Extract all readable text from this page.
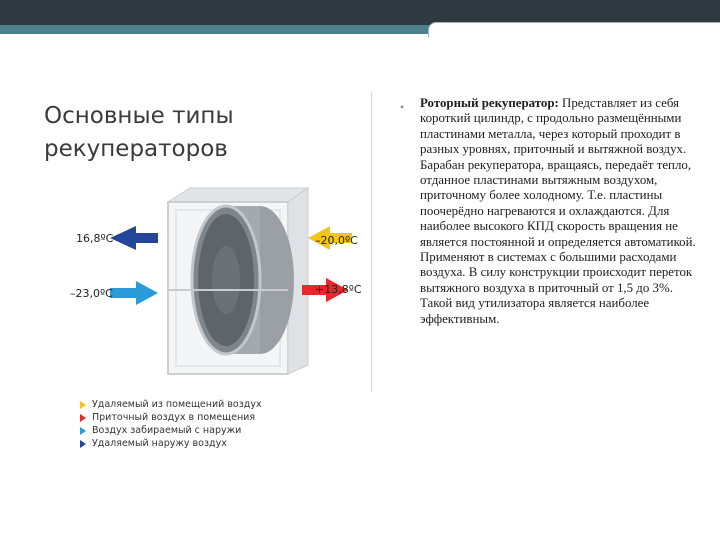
Основные типы
рекуператоров
• Роторный рекуператор: Представляет из себя короткий цилиндр, с продольно размещёнными пластинами металла, через который проходит в разных уровнях, приточный и вытяжной воздух. Барабан рекуператора, вращаясь, передаёт тепло, отданное пластинами вытяжным воздухом, приточному более холодному. Т.е. пластины поочерёдно нагреваются и охлаждаются. Для наиболее высокого КПД скорость вращения не является постоянной и определяется автоматикой. Применяют в системах с большими расходами воздуха. В силу конструкции происходит переток вытяжного воздуха в приточный от 1,5 до 3%. Такой вид утилизатора является наиболее эффективным.
16,8ºC
–23,0ºC
–20,0ºC
+13,8ºC
Удаляемый из помещений воздух
Приточный воздух в помещения
Воздух забираемый с наружи
Удаляемый наружу воздух
